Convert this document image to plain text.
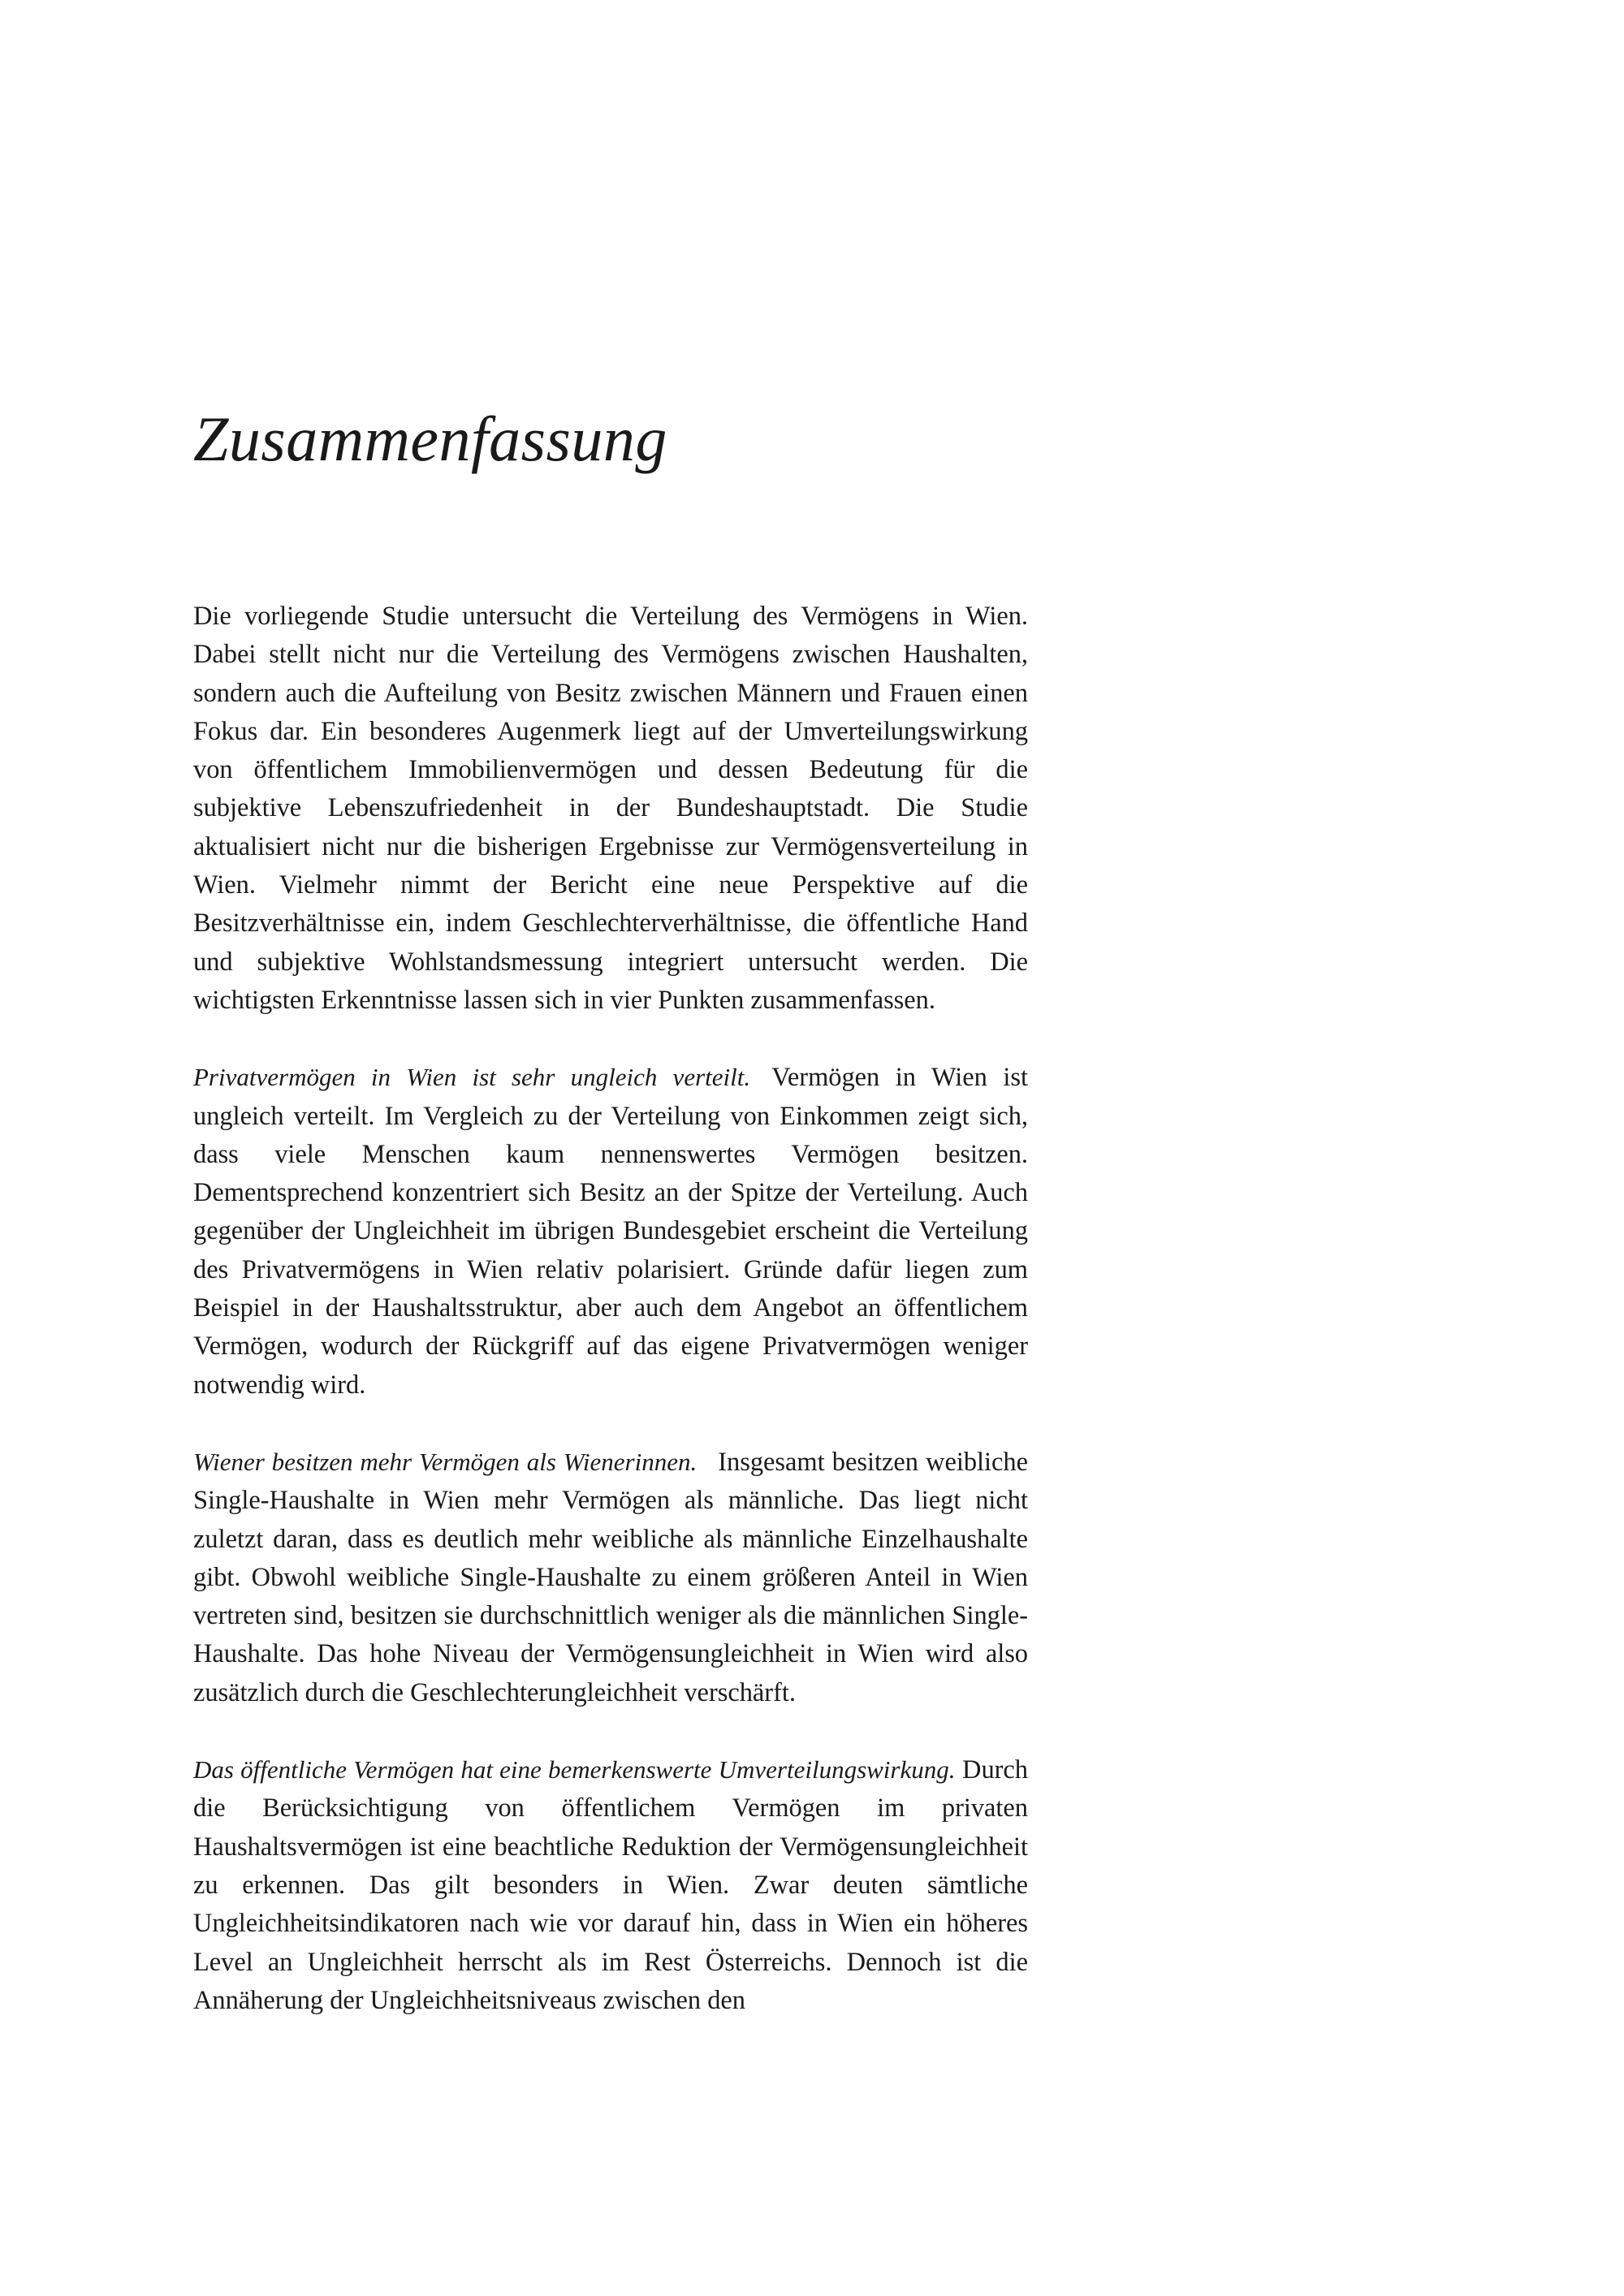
Zusammenfassung

Die vorliegende Studie untersucht die Verteilung des Vermögens in Wien. Dabei stellt nicht nur die Verteilung des Vermögens zwischen Haushalten, sondern auch die Aufteilung von Besitz zwischen Männern und Frauen einen Fokus dar. Ein besonderes Augenmerk liegt auf der Umverteilungswirkung von öffentlichem Immobilienvermögen und dessen Bedeutung für die subjektive Lebenszufriedenheit in der Bundeshauptstadt. Die Studie aktualisiert nicht nur die bisherigen Ergebnisse zur Vermögensverteilung in Wien. Vielmehr nimmt der Bericht eine neue Perspektive auf die Besitzverhältnisse ein, indem Geschlechterverhältnisse, die öffentliche Hand und subjektive Wohlstandsmessung integriert untersucht werden. Die wichtigsten Erkenntnisse lassen sich in vier Punkten zusammenfassen.

Privatvermögen in Wien ist sehr ungleich verteilt. Vermögen in Wien ist ungleich verteilt. Im Vergleich zu der Verteilung von Einkommen zeigt sich, dass viele Menschen kaum nennenswertes Vermögen besitzen. Dementsprechend konzentriert sich Besitz an der Spitze der Verteilung. Auch gegenüber der Ungleichheit im übrigen Bundesgebiet erscheint die Verteilung des Privatvermögens in Wien relativ polarisiert. Gründe dafür liegen zum Beispiel in der Haushaltsstruktur, aber auch dem Angebot an öffentlichem Vermögen, wodurch der Rückgriff auf das eigene Privatvermögen weniger notwendig wird.

Wiener besitzen mehr Vermögen als Wienerinnen. Insgesamt besitzen weibliche Single-Haushalte in Wien mehr Vermögen als männliche. Das liegt nicht zuletzt daran, dass es deutlich mehr weibliche als männliche Einzelhaushalte gibt. Obwohl weibliche Single-Haushalte zu einem größeren Anteil in Wien vertreten sind, besitzen sie durchschnittlich weniger als die männlichen Single-Haushalte. Das hohe Niveau der Vermögensungleichheit in Wien wird also zusätzlich durch die Geschlechterungleichheit verschärft.

Das öffentliche Vermögen hat eine bemerkenswerte Umverteilungswirkung. Durch die Berücksichtigung von öffentlichem Vermögen im privaten Haushaltsvermögen ist eine beachtliche Reduktion der Vermögensungleichheit zu erkennen. Das gilt besonders in Wien. Zwar deuten sämtliche Ungleichheitsindikatoren nach wie vor darauf hin, dass in Wien ein höheres Level an Ungleichheit herrscht als im Rest Österreichs. Dennoch ist die Annäherung der Ungleichheitsniveaus zwischen den
